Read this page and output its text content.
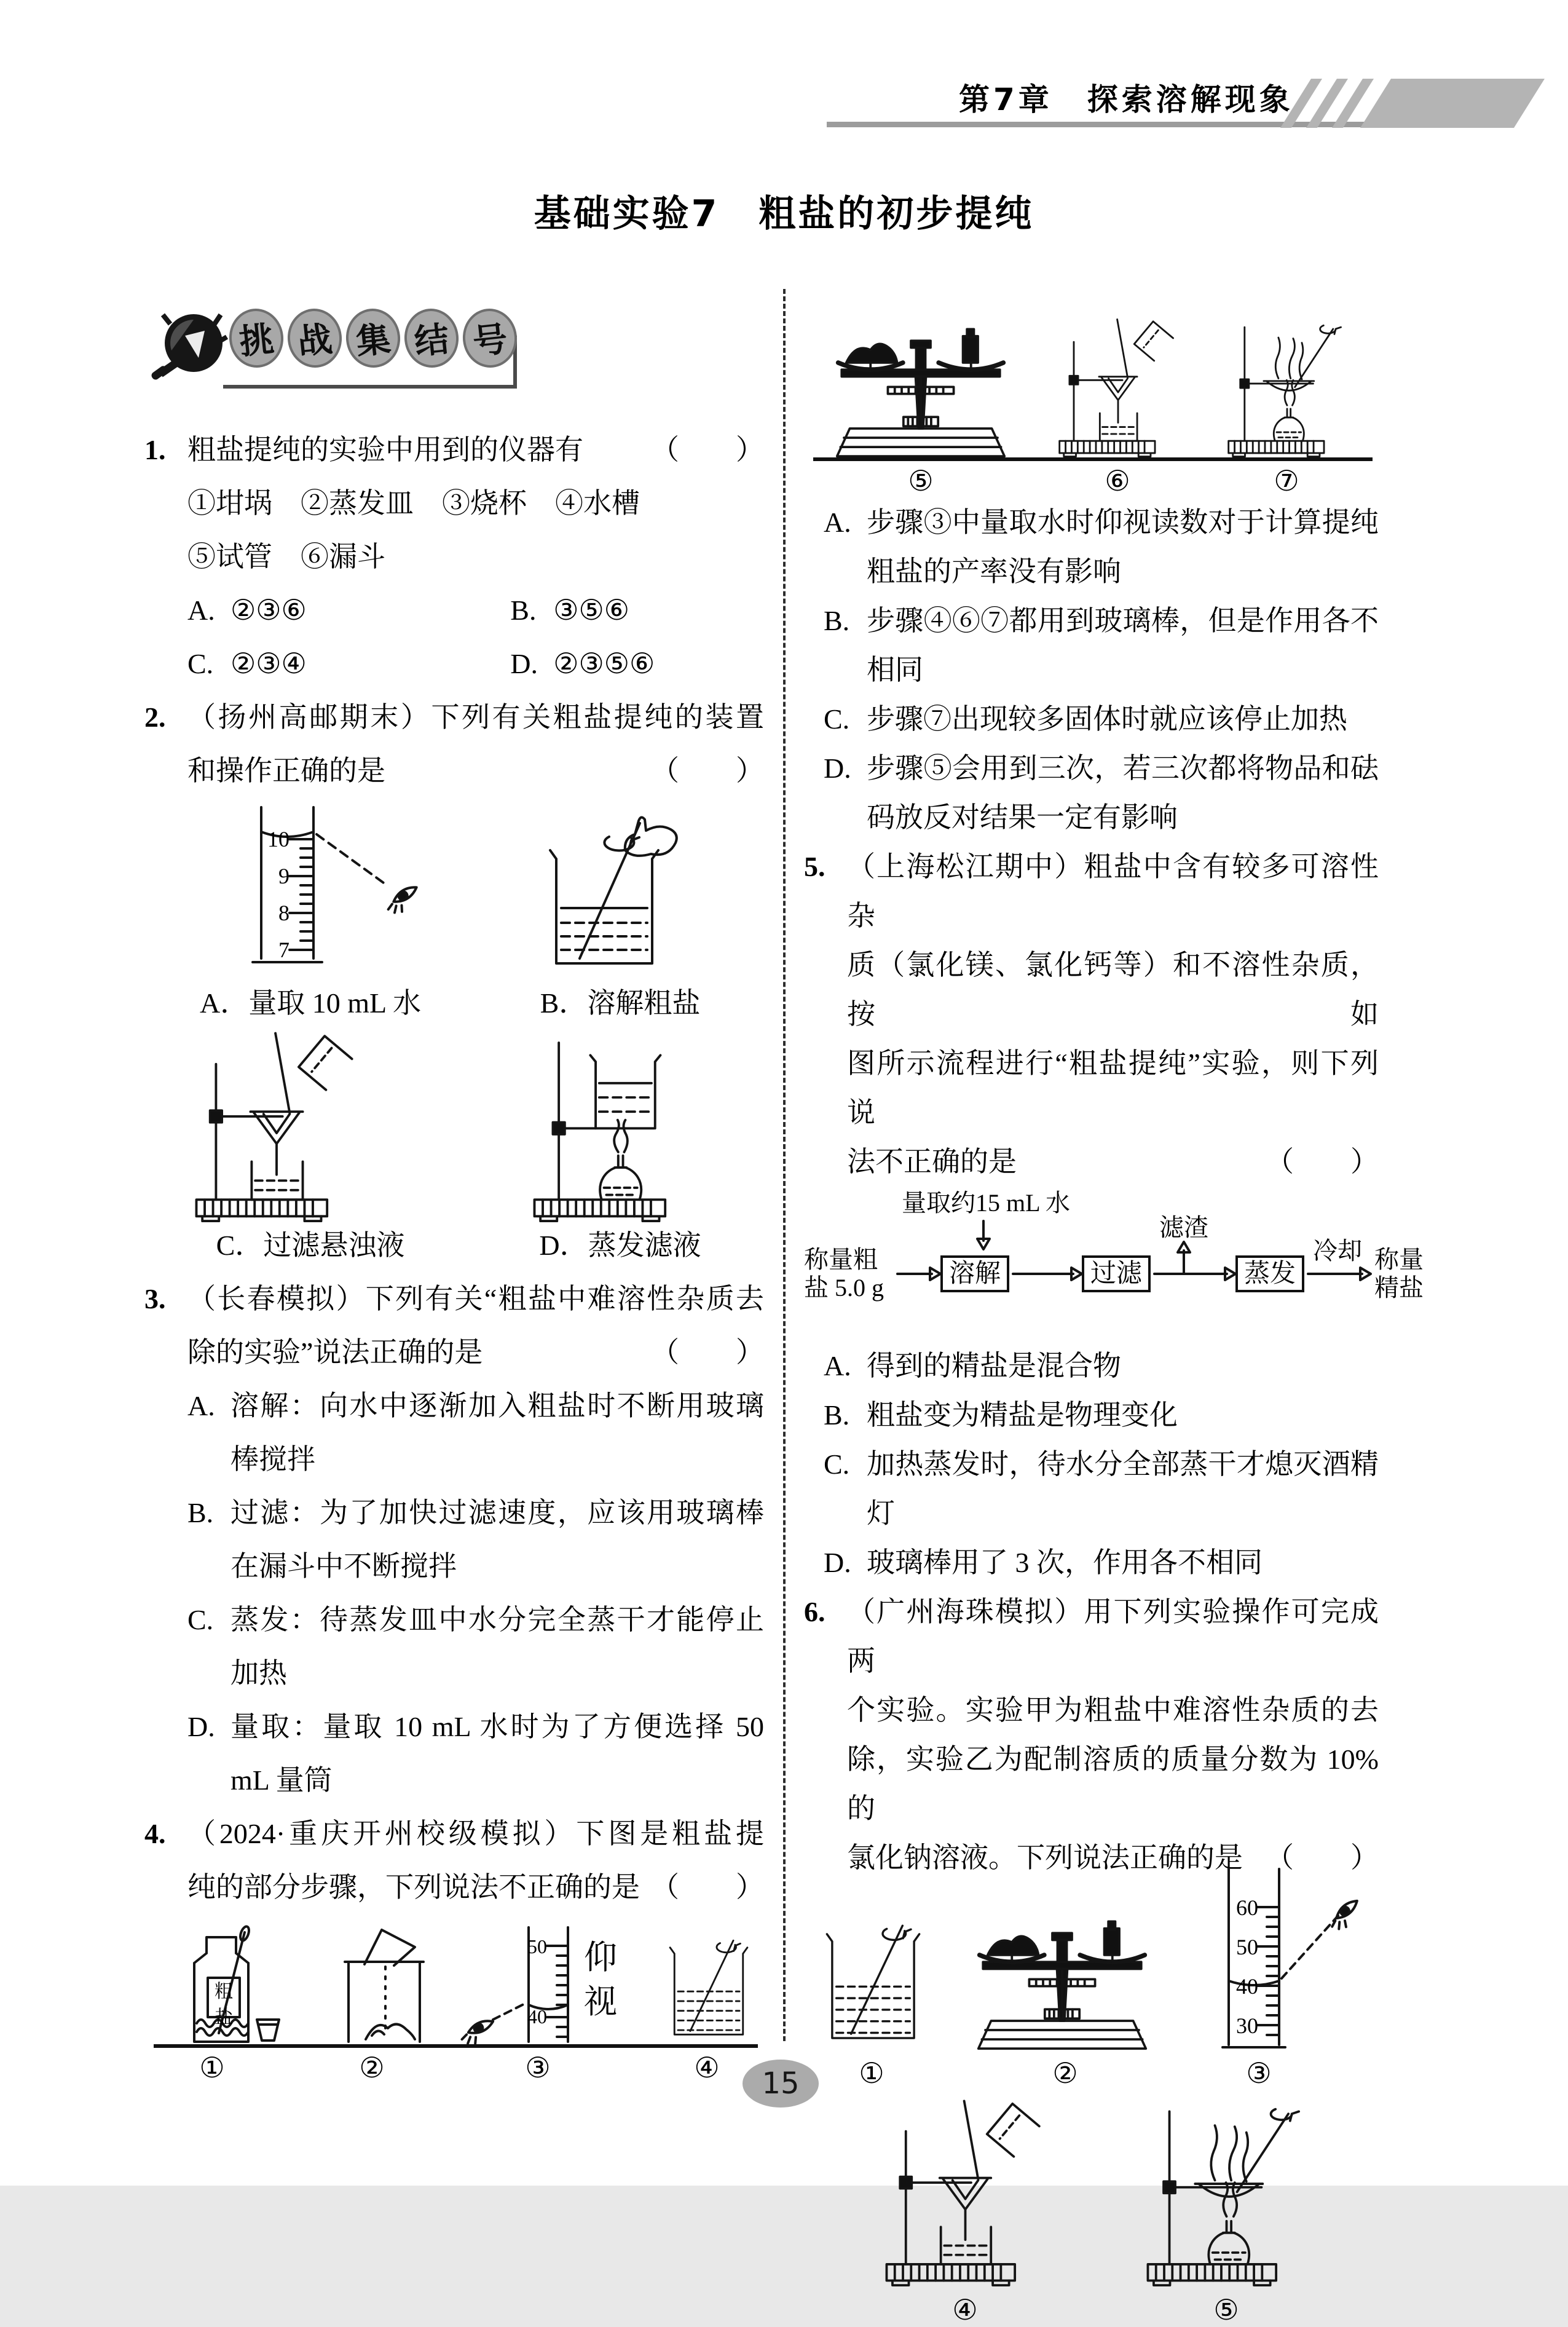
第7章　探索溶解现象
基础实验7　粗盐的初步提纯
挑 战 集 结 号
1. 粗盐提纯的实验中用到的仪器有 （　　）
①坩埚　②蒸发皿　③烧杯　④水槽
⑤试管　⑥漏斗
A. ②③⑥	B. ③⑤⑥
C. ②③④	D. ②③⑤⑥
2. （扬州高邮期末）下列有关粗盐提纯的装置
和操作正确的是	（　　）
10
9
8
7
A．量取 10 mL 水	B．溶解粗盐
C．过滤悬浊液	D．蒸发滤液
3. （长春模拟）下列有关“粗盐中难溶性杂质去
除的实验”说法正确的是	（　　）
A. 溶解：向水中逐渐加入粗盐时不断用玻璃棒搅拌
B. 过滤：为了加快过滤速度，应该用玻璃棒在漏斗中不断搅拌
C. 蒸发：待蒸发皿中水分完全蒸干才能停止加热
D. 量取：量取 10 mL 水时为了方便选择 50 mL 量筒
4. （2024·重庆开州校级模拟）下图是粗盐提
纯的部分步骤，下列说法不正确的是 （　　）
粗盐
50
40
仰
视
①	②	③	④
⑤	⑥	⑦
A. 步骤③中量取水时仰视读数对于计算提纯粗盐的产率没有影响
B. 步骤④⑥⑦都用到玻璃棒，但是作用各不相同
C. 步骤⑦出现较多固体时就应该停止加热
D. 步骤⑤会用到三次，若三次都将物品和砝码放反对结果一定有影响
5. （上海松江期中）粗盐中含有较多可溶性杂
质（氯化镁、氯化钙等）和不溶性杂质，按如
图所示流程进行“粗盐提纯”实验，则下列说
法不正确的是	（　　）
量取约15 mL 水
滤渣
称量粗
盐 5.0 g	溶解	过滤	蒸发
冷却 称量
精盐
A. 得到的精盐是混合物
B. 粗盐变为精盐是物理变化
C. 加热蒸发时，待水分全部蒸干才熄灭酒精灯
D. 玻璃棒用了 3 次，作用各不相同
6. （广州海珠模拟）用下列实验操作可完成两
个实验。实验甲为粗盐中难溶性杂质的去
除，实验乙为配制溶质的质量分数为 10%的
氯化钠溶液。下列说法正确的是 （　　）
60
50
40
30
①	②	③
④	⑤
15
